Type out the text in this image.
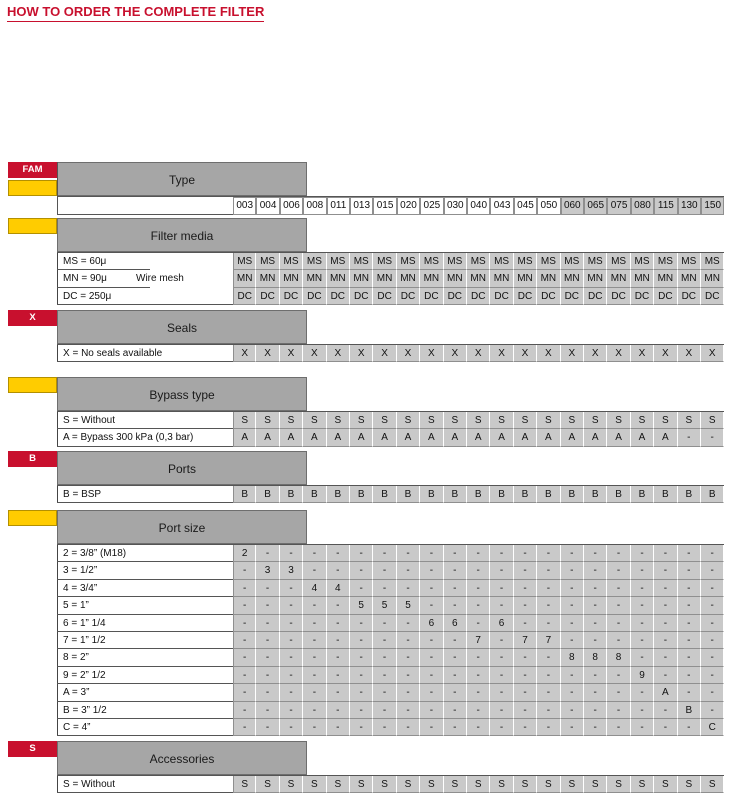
HOW TO ORDER THE COMPLETE FILTER
FAM
Type
003 004 006 008 011 013 015 020 025 030 040 043 045 050 060 065 075 080 115 130 150
Filter media
Wire mesh
MS = 60μ	MS MS MS MS MS MS MS MS MS MS MS MS MS MS MS MS MS MS MS MS MS
MN = 90μ	MN MN MN MN MN MN MN MN MN MN MN MN MN MN MN MN MN MN MN MN MN
DC = 250μ	DC DC DC DC DC DC DC DC DC DC DC DC DC DC DC DC DC DC DC DC DC
X
Seals
X = No seals available	X	X	X	X	X	X	X	X	X	X	X	X	X	X	X	X	X	X	X	X	X
Bypass type
S = Without	S	S	S	S	S	S	S	S	S	S	S	S	S	S	S	S	S	S	S	S	S
A = Bypass 300 kPa (0,3 bar)	A	A	A	A	A	A	A	A	A	A	A	A	A	A	A	A	A	A	A	-	-
B
Ports
B = BSP	B	B	B	B	B	B	B	B	B	B	B	B	B	B	B	B	B	B	B	B	B
Port size
2 = 3/8” (M18)	2	-	-	-	-	-	-	-	-	-	-	-	-	-	-	-	-	-	-	-	-
3 = 1/2”	-	3	3	-	-	-	-	-	-	-	-	-	-	-	-	-	-	-	-	-	-
4 = 3/4”	-	-	-	4	4	-	-	-	-	-	-	-	-	-	-	-	-	-	-	-	-
5 = 1”	-	-	-	-	-	5	5	5	-	-	-	-	-	-	-	-	-	-	-	-	-
6 = 1” 1/4	-	-	-	-	-	-	-	-	6	6	-	6	-	-	-	-	-	-	-	-	-
7 = 1” 1/2	-	-	-	-	-	-	-	-	-	-	7	-	7	7	-	-	-	-	-	-	-
8 = 2”	-	-	-	-	-	-	-	-	-	-	-	-	-	-	8	8	8	-	-	-	-
9 = 2” 1/2	-	-	-	-	-	-	-	-	-	-	-	-	-	-	-	-	-	9	-	-	-
A = 3”	-	-	-	-	-	-	-	-	-	-	-	-	-	-	-	-	-	-	A	-	-
B = 3” 1/2	-	-	-	-	-	-	-	-	-	-	-	-	-	-	-	-	-	-	-	B	-
C = 4”	-	-	-	-	-	-	-	-	-	-	-	-	-	-	-	-	-	-	-	-	C
S
Accessories
S = Without	S	S	S	S	S	S	S	S	S	S	S	S	S	S	S	S	S	S	S	S	S
